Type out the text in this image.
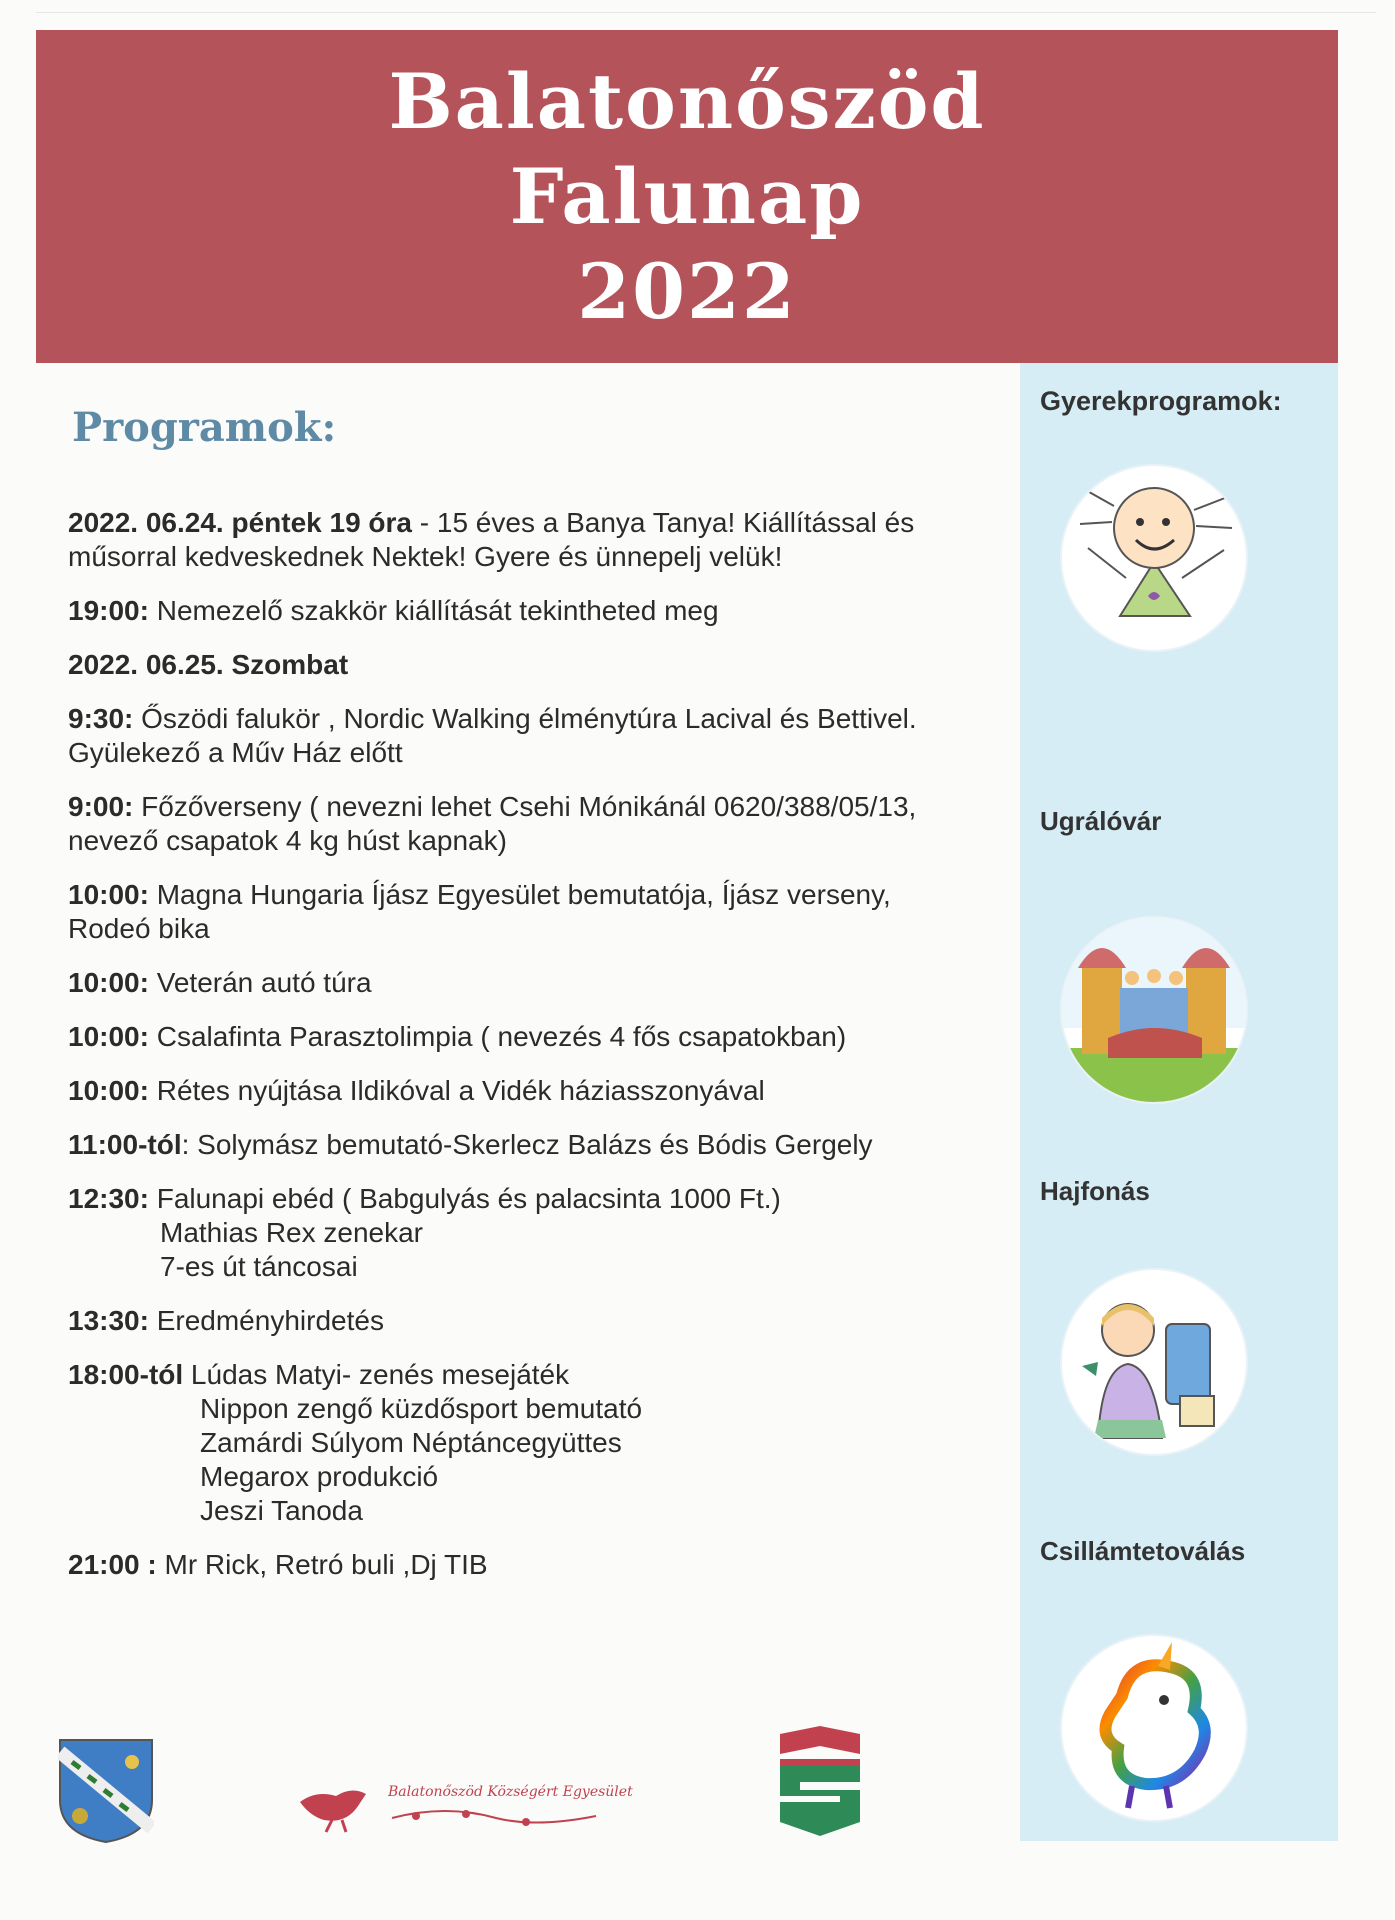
Balatonőszöd
Falunap
2022
Programok:
2022. 06.24. péntek 19 óra - 15 éves a Banya Tanya! Kiállítással és
műsorral kedveskednek Nektek! Gyere és ünnepelj velük!
19:00: Nemezelő szakkör kiállítását tekintheted meg
2022. 06.25. Szombat
9:30: Őszödi falukör , Nordic Walking élménytúra Lacival és Bettivel.
Gyülekező a Műv Ház előtt
9:00: Főzőverseny ( nevezni lehet Csehi Mónikánál 0620/388/05/13,
nevező csapatok 4 kg húst kapnak)
10:00: Magna Hungaria Íjász Egyesület bemutatója, Íjász verseny,
Rodeó bika
10:00: Veterán autó túra
10:00: Csalafinta Parasztolimpia ( nevezés 4 fős csapatokban)
10:00: Rétes nyújtása Ildikóval a Vidék háziasszonyával
11:00-tól: Solymász bemutató-Skerlecz Balázs és Bódis Gergely
12:30: Falunapi ebéd ( Babgulyás és palacsinta 1000 Ft.)
Mathias Rex zenekar
7-es út táncosai
13:30: Eredményhirdetés
18:00-tól Lúdas Matyi- zenés mesejáték
Nippon zengő küzdősport bemutató
Zamárdi Súlyom Néptáncegyüttes
Megarox produkció
Jeszi Tanoda
21:00 : Mr Rick, Retró buli ,Dj TIB
Gyerekprogramok:
Ugrálóvár
Hajfonás
Csillámtetoválás
Balatonőszöd Községért Egyesület
